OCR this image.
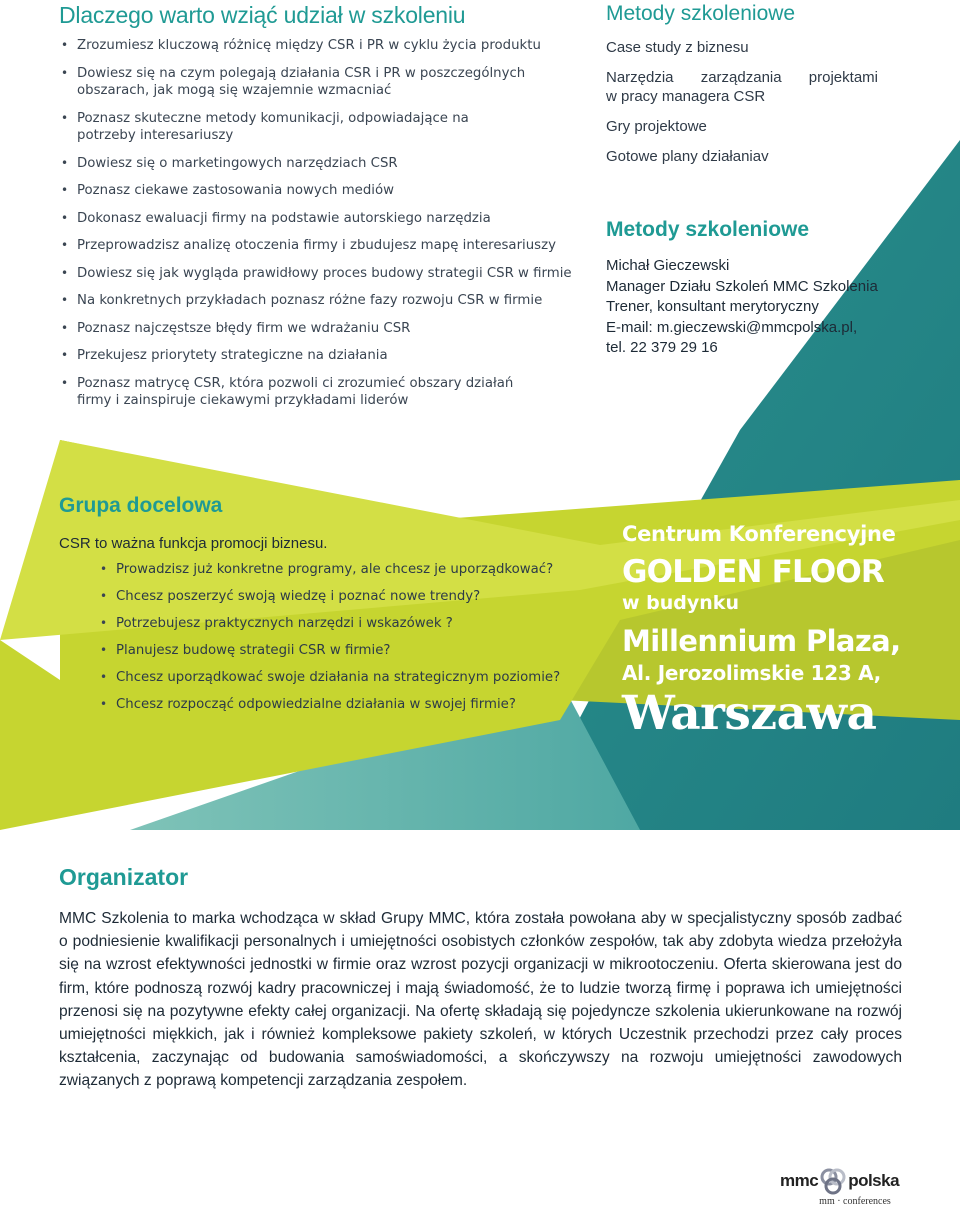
Dlaczego warto wziąć udział w szkoleniu
• Zrozumiesz kluczową różnicę między CSR i PR w cyklu życia produktu
• Dowiesz się na czym polegają działania CSR i PR w poszczególnych obszarach, jak mogą się wzajemnie wzmacniać
• Poznasz skuteczne metody komunikacji, odpowiadające na potrzeby interesariuszy
• Dowiesz się o marketingowych narzędziach CSR
• Poznasz ciekawe zastosowania nowych mediów
• Dokonasz ewaluacji firmy na podstawie autorskiego narzędzia
• Przeprowadzisz analizę otoczenia firmy i zbudujesz mapę interesariuszy
• Dowiesz się jak wygląda prawidłowy proces budowy strategii CSR w firmie
• Na konkretnych przykładach poznasz różne fazy rozwoju CSR w firmie
• Poznasz najczęstsze błędy firm we wdrażaniu CSR
• Przekujesz priorytety strategiczne na działania
• Poznasz matrycę CSR, która pozwoli ci zrozumieć obszary działań firmy i zainspiruje ciekawymi przykładami liderów
Metody szkoleniowe
Case study z biznesu
Narzędzia zarządzania projektami
w pracy managera CSR
Gry projektowe
Gotowe plany działaniav
Metody szkoleniowe
Michał Gieczewski
Manager Działu Szkoleń MMC Szkolenia
Trener, konsultant merytoryczny
E-mail: m.gieczewski@mmcpolska.pl,
tel. 22 379 29 16
Grupa docelowa
CSR to ważna funkcja promocji biznesu.
• Prowadzisz już konkretne programy, ale chcesz je uporządkować?
• Chcesz poszerzyć swoją wiedzę i poznać nowe trendy?
• Potrzebujesz praktycznych narzędzi i wskazówek ?
• Planujesz budowę strategii CSR w firmie?
• Chcesz uporządkować swoje działania na strategicznym poziomie?
• Chcesz rozpocząć odpowiedzialne działania w swojej firmie?
Centrum Konferencyjne
GOLDEN FLOOR
w budynku
Millennium Plaza,
Al. Jerozolimskie 123 A,
Warszawa
Organizator

MMC Szkolenia to marka wchodząca w skład Grupy MMC, która została powołana aby w specjalistyczny sposób zadbać o podniesienie kwalifikacji personalnych i umiejętności osobistych członków zespołów, tak aby zdobyta wiedza przełożyła się na wzrost efektywności jednostki w firmie oraz wzrost pozycji organizacji w mikrootoczeniu. Oferta skierowana jest do firm, które podnoszą rozwój kadry pracowniczej i mają świadomość, że to ludzie tworzą firmę i poprawa ich umiejętności przenosi się na pozytywne efekty całej organizacji. Na ofertę składają się pojedyncze szkolenia ukierunkowane na rozwój umiejętności miękkich, jak i również kompleksowe pakiety szkoleń, w których Uczestnik przechodzi przez cały proces kształcenia, zaczynając od budowania samoświadomości, a skończywszy na rozwoju umiejętności zawodowych związanych z poprawą kompetencji zarządzania zespołem.

mmc polska
mm · conferences
